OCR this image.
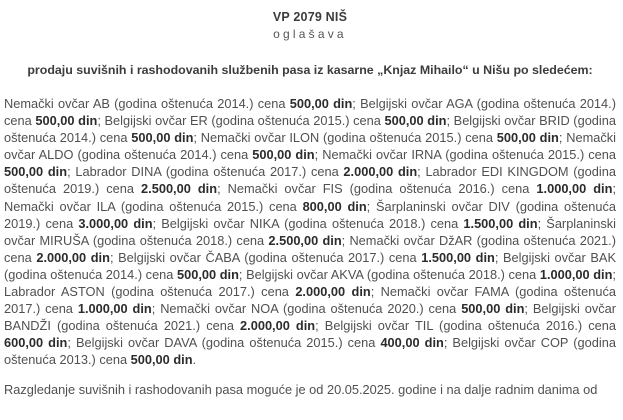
VP 2079 NIŠ
oglašava
prodaju suvišnih i rashodovanih službenih pasa iz kasarne „Knjaz Mihailo“ u Nišu po sledećem:
Nemački ovčar AB (godina oštenuća 2014.) cena 500,00 din; Belgijski ovčar AGA (godina oštenuća 2014.) cena 500,00 din; Belgijski ovčar ER (godina oštenuća 2015.) cena 500,00 din; Belgijski ovčar BRID (godina oštenuća 2014.) cena 500,00 din; Nemački ovčar ILON (godina oštenuća 2015.) cena 500,00 din; Nemački ovčar ALDO (godina oštenuća 2014.) cena 500,00 din; Nemački ovčar IRNA (godina oštenuća 2015.) cena 500,00 din; Labrador DINA (godina oštenuća 2017.) cena 2.000,00 din; Labrador EDI KINGDOM (godina oštenuća 2019.) cena 2.500,00 din; Nemački ovčar FIS (godina oštenuća 2016.) cena 1.000,00 din; Nemački ovčar ILA (godina oštenuća 2015.) cena 800,00 din; Šarplaninski ovčar DIV (godina oštenuća 2019.) cena 3.000,00 din; Belgijski ovčar NIKA (godina oštenuća 2018.) cena 1.500,00 din; Šarplaninski ovčar MIRUŠA (godina oštenuća 2018.) cena 2.500,00 din; Nemački ovčar DžAR (godina oštenuća 2021.) cena 2.000,00 din; Belgijski ovčar ČABA (godina oštenuća 2017.) cena 1.500,00 din; Belgijski ovčar BAK (godina oštenuća 2014.) cena 500,00 din; Belgijski ovčar AKVA (godina oštenuća 2018.) cena 1.000,00 din; Labrador ASTON (godina oštenuća 2017.) cena 2.000,00 din; Nemački ovčar FAMA (godina oštenuća 2017.) cena 1.000,00 din; Nemački ovčar NOA (godina oštenuća 2020.) cena 500,00 din; Belgijski ovčar BANDŽI (godina oštenuća 2021.) cena 2.000,00 din; Belgijski ovčar TIL (godina oštenuća 2016.) cena 600,00 din; Belgijski ovčar DAVA (godina oštenuća 2015.) cena 400,00 din; Belgijski ovčar COP (godina oštenuća 2013.) cena 500,00 din.
Razgledanje suvišnih i rashodovanih pasa moguće je od 20.05.2025. godine i na dalje radnim danima od
